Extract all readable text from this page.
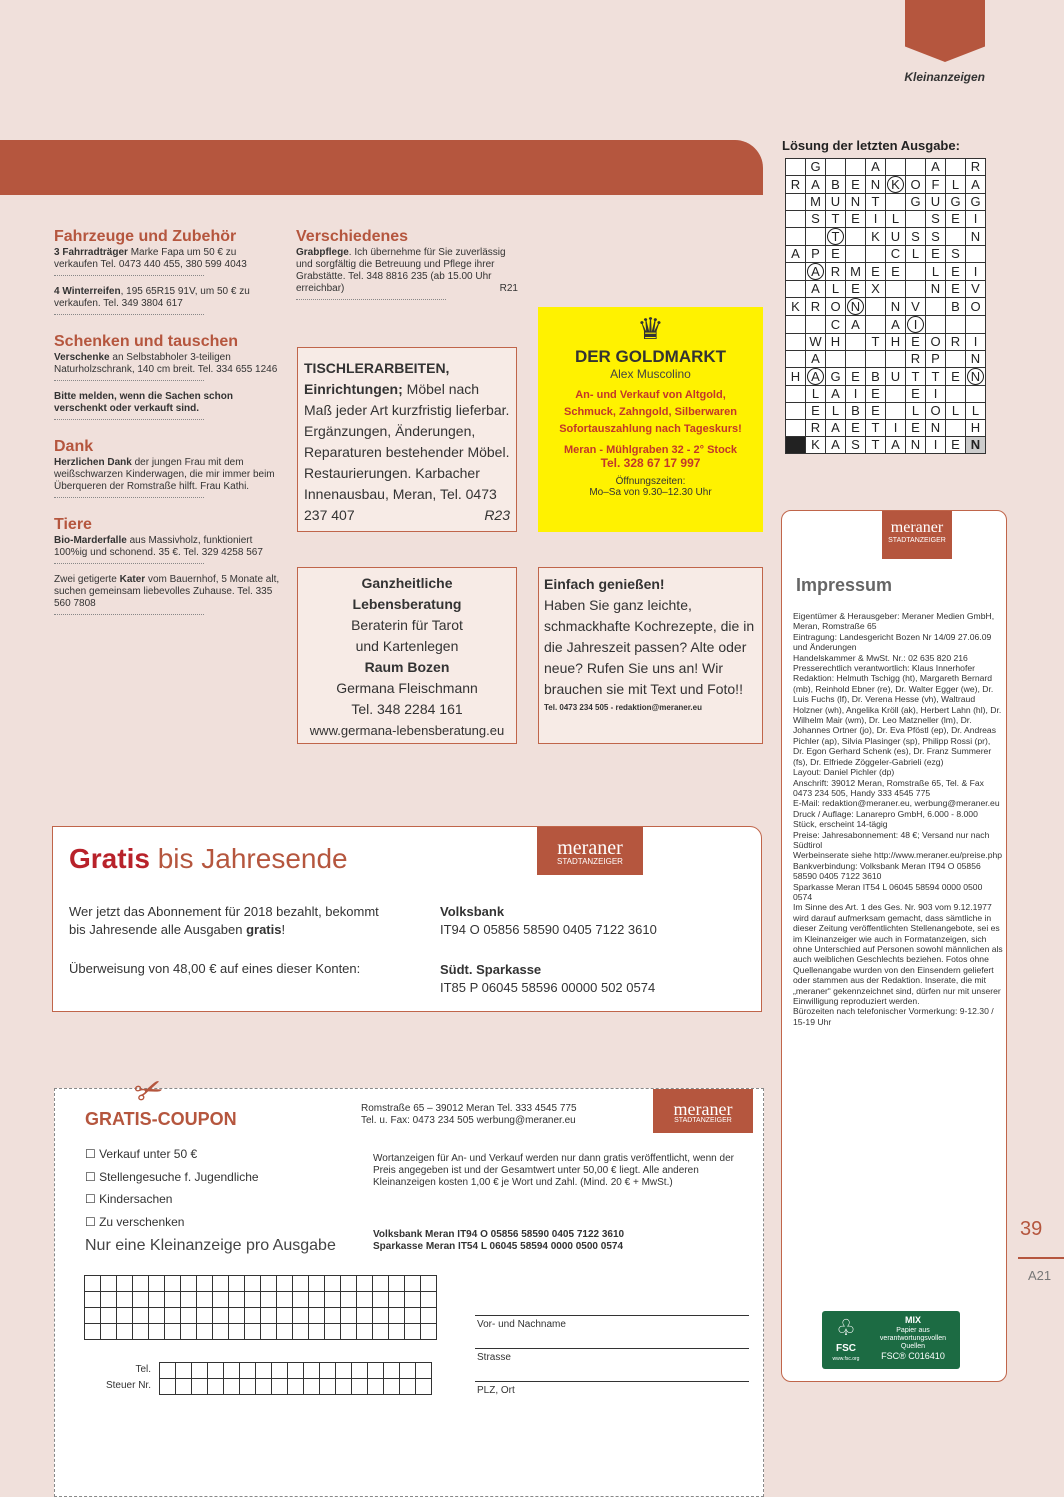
Kleinanzeigen
Fahrzeuge und Zubehör
3 Fahrradträger Marke Fapa um 50 € zu verkaufen Tel. 0473 440 455, 380 599 4043
4 Winterreifen, 195 65R15 91V, um 50 € zu verkaufen. Tel. 349 3804 617
Schenken und tauschen
Verschenke an Selbstabholer 3-teiligen Naturholzschrank, 140 cm breit. Tel. 334 655 1246
Bitte melden, wenn die Sachen schon verschenkt oder verkauft sind.
Dank
Herzlichen Dank der jungen Frau mit dem weißschwarzen Kinderwagen, die mir immer beim Überqueren der Romstraße hilft. Frau Kathi.
Tiere
Bio-Marderfalle aus Massivholz, funktioniert 100%ig und schonend. 35 €. Tel. 329 4258 567
Zwei getigerte Kater vom Bauernhof, 5 Monate alt, suchen gemeinsam liebevolles Zuhause. Tel. 335 560 7808
Verschiedenes
Grabpflege. Ich übernehme für Sie zuverlässig und sorgfältig die Betreuung und Pflege ihrer Grabstätte. Tel. 348 8816 235 (ab 15.00 Uhr erreichbar)	R21
TISCHLERARBEITEN, Einrichtungen; Möbel nach Maß jeder Art kurzfristig lieferbar. Ergänzungen, Änderungen, Reparaturen bestehender Möbel. Restaurierungen. Karbacher Innenausbau, Meran, Tel. 0473 237 407	R23
♛
DER GOLDMARKT
Alex Muscolino
An- und Verkauf von Altgold,
Schmuck, Zahngold, Silberwaren
Sofortauszahlung nach Tageskurs!
Meran - Mühlgraben 32 - 2° Stock
Tel. 328 67 17 997
Öffnungszeiten:
Mo–Sa von 9.30–12.30 Uhr
Ganzheitliche
Lebensberatung
Beraterin für Tarot
und Kartenlegen
Raum Bozen
Germana Fleischmann
Tel. 348 2284 161
www.germana-lebensberatung.eu
Einfach genießen!
Haben Sie ganz leichte, schmackhafte Kochrezepte, die in die Jahreszeit passen? Alte oder neue? Rufen Sie uns an! Wir brauchen sie mit Text und Foto!!
Tel. 0473 234 505 - redaktion@meraner.eu
Lösung der letzten Ausgabe:
	G			A			A		R
R	A	B	E	N	K	O	F	L	A
	M	U	N	T		G	U	G	G
	S	T	E	I	L		S	E	I
		T		K	U	S	S		N
A	P	E			C	L	E	S	
	A	R	M	E	E		L	E	I
	A	L	E	X			N	E	V
K	R	O	N		N	V		B	O
		C	A		A	I			
	W	H		T	H	E	O	R	I
	A					R	P		N
H	A	G	E	B	U	T	T	E	N
	L	A	I	E		E	I		
	E	L	B	E		L	O	L	L
	R	A	E	T	I	E	N		H
	K	A	S	T	A	N	I	E	N
meraner
STADTANZEIGER
Impressum
Eigentümer & Herausgeber: Meraner Medien GmbH, Meran, Romstraße 65
Eintragung: Landesgericht Bozen Nr 14/09 27.06.09 und Änderungen
Handelskammer & MwSt. Nr.: 02 635 820 216
Presserechtlich verantwortlich: Klaus Innerhofer
Redaktion: Helmuth Tschigg (ht), Margareth Bernard (mb), Reinhold Ebner (re), Dr. Walter Egger (we), Dr. Luis Fuchs (lf), Dr. Verena Hesse (vh), Waltraud Holzner (wh), Angelika Kröll (ak), Herbert Lahn (hl), Dr. Wilhelm Mair (wm), Dr. Leo Matzneller (lm), Dr. Johannes Ortner (jo), Dr. Eva Pföstl (ep), Dr. Andreas Pichler (ap), Silvia Plasinger (sp), Philipp Rossi (pr), Dr. Egon Gerhard Schenk (es), Dr. Franz Summerer (fs), Dr. Elfriede Zöggeler-Gabrieli (ezg)
Layout: Daniel Pichler (dp)
Anschrift: 39012 Meran, Romstraße 65, Tel. & Fax 0473 234 505, Handy 333 4545 775
E-Mail: redaktion@meraner.eu, werbung@meraner.eu
Druck / Auflage: Lanarepro GmbH, 6.000 - 8.000 Stück, erscheint 14-tägig
Preise: Jahresabonnement: 48 €; Versand nur nach Südtirol
Werbeinserate siehe http://www.meraner.eu/preise.php
Bankverbindung: Volksbank Meran IT94 O 05856 58590 0405 7122 3610
Sparkasse Meran IT54 L 06045 58594 0000 0500 0574
Im Sinne des Art. 1 des Ges. Nr. 903 vom 9.12.1977 wird darauf aufmerksam gemacht, dass sämtliche in dieser Zeitung veröffentlichten Stellenangebote, sei es im Kleinanzeiger wie auch in Formatanzeigen, sich ohne Unterschied auf Personen sowohl männlichen als auch weiblichen Geschlechts beziehen. Fotos ohne Quellenangabe wurden von den Einsendern geliefert oder stammen aus der Redaktion. Inserate, die mit „meraner“ gekennzeichnet sind, dürfen nur mit unserer Einwilligung reproduziert werden.
Bürozeiten nach telefonischer Vormerkung: 9-12.30 / 15-19 Uhr
♧
FSC
www.fsc.org
MIX
Papier aus verantwortungsvollen Quellen
FSC® C016410
Gratis bis Jahresende	meraner
STADTANZEIGER
Wer jetzt das Abonnement für 2018 bezahlt, bekommt bis Jahresende alle Ausgaben gratis!
Überweisung von 48,00 € auf eines dieser Konten:
Volksbank
IT94 O 05856 58590 0405 7122 3610
Südt. Sparkasse
IT85 P 06045 58596 00000 502 0574
✂
GRATIS-COUPON
☐ Verkauf unter 50 €
☐ Stellengesuche f. Jugendliche
☐ Kindersachen
☐ Zu verschenken
Nur eine Kleinanzeige pro Ausgabe
Romstraße 65 – 39012 Meran Tel. 333 4545 775
Tel. u. Fax: 0473 234 505 werbung@meraner.eu
meraner
STADTANZEIGER
Wortanzeigen für An- und Verkauf werden nur dann gratis veröffentlicht, wenn der Preis angegeben ist und der Gesamtwert unter 50,00 € liegt. Alle anderen Kleinanzeigen kosten 1,00 € je Wort und Zahl. (Mind. 20 € + MwSt.)
Volksbank Meran IT94 O 05856 58590 0405 7122 3610
Sparkasse Meran IT54 L 06045 58594 0000 0500 0574

Tel.
Steuer Nr.

Vor- und Nachname
Strasse
PLZ, Ort
39
A21
